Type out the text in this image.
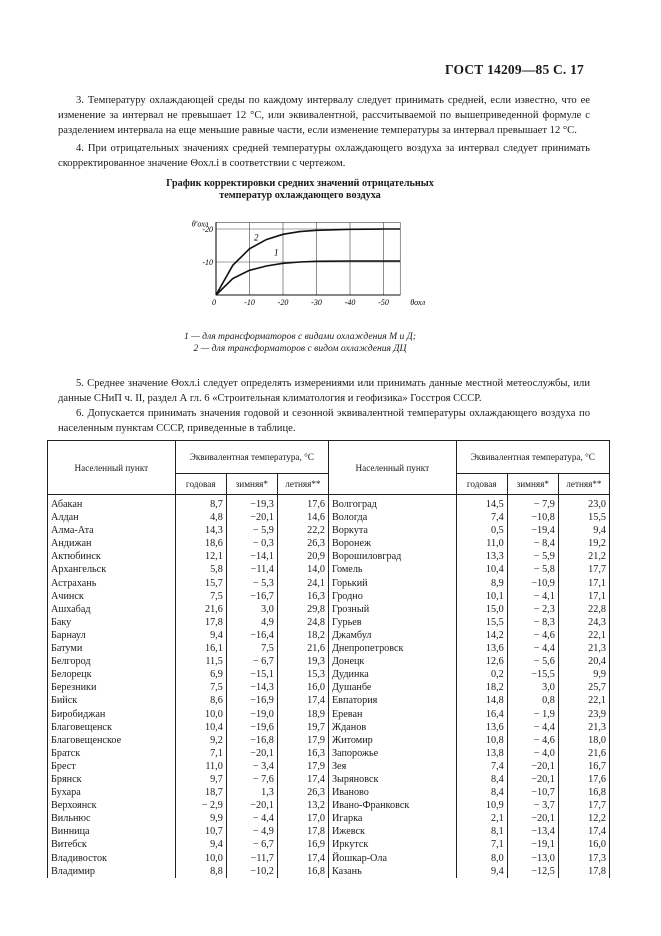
ГОСТ 14209—85 С. 17

3. Температуру охлаждающей среды по каждому интервалу следует принимать средней, если известно, что ее изменение за интервал не превышает 12 °С, или эквивалентной, рассчитываемой по вышеприведенной формуле с разделением интервала на еще меньшие равные части, если изменение температуры за интервал превышает 12 °С.

4. При отрицательных значениях средней температуры охлаждающего воздуха за интервал следует принимать скорректированное значение Θохл.i в соответствии с чертежом.

График корректировки средних значений отрицательных
температур охлаждающего воздуха
0	-10	-20	-30	-40	-50
-10
-20
θ'охл
θохл
1
2
1 — для трансформаторов с видами охлаждения М и Д;
2 — для трансформаторов с видом охлаждения ДЦ

5. Среднее значение Θохл.i следует определять измерениями или принимать данные местной метеослужбы, или данные СНиП ч. II, раздел А гл. 6 «Строительная климатология и геофизика» Госстроя СССР.

6. Допускается принимать значения годовой и сезонной эквивалентной температуры охлаждающего воздуха по населенным пунктам СССР, приведенные в таблице.

Населенный пункт	Эквивалентная температура, °С			Населенный пункт	Эквивалентная температура, °С		
	годовая	зимняя*	летняя**		годовая	зимняя*	летняя**
Абакан	8,7	−19,3	17,6	Волгоград	14,5	− 7,9	23,0
Алдан	4,8	−20,1	14,6	Вологда	7,4	−10,8	15,5
Алма-Ата	14,3	− 5,9	22,2	Воркута	0,5	−19,4	9,4
Андижан	18,6	− 0,3	26,3	Воронеж	11,0	− 8,4	19,2
Актюбинск	12,1	−14,1	20,9	Ворошиловград	13,3	− 5,9	21,2
Архангельск	5,8	−11,4	14,0	Гомель	10,4	− 5,8	17,7
Астрахань	15,7	− 5,3	24,1	Горький	8,9	−10,9	17,1
Ачинск	7,5	−16,7	16,3	Гродно	10,1	− 4,1	17,1
Ашхабад	21,6	3,0	29,8	Грозный	15,0	− 2,3	22,8
Баку	17,8	4,9	24,8	Гурьев	15,5	− 8,3	24,3
Барнаул	9,4	−16,4	18,2	Джамбул	14,2	− 4,6	22,1
Батуми	16,1	7,5	21,6	Днепропетровск	13,6	− 4,4	21,3
Белгород	11,5	− 6,7	19,3	Донецк	12,6	− 5,6	20,4
Белорецк	6,9	−15,1	15,3	Дудинка	0,2	−15,5	9,9
Березники	7,5	−14,3	16,0	Душанбе	18,2	3,0	25,7
Бийск	8,6	−16,9	17,4	Евпатория	14,8	0,8	22,1
Биробиджан	10,0	−19,0	18,9	Ереван	16,4	− 1,9	23,9
Благовещенск	10,4	−19,6	19,7	Жданов	13,6	− 4,4	21,3
Благовещенское	9,2	−16,8	17,9	Житомир	10,8	− 4,6	18,0
Братск	7,1	−20,1	16,3	Запорожье	13,8	− 4,0	21,6
Брест	11,0	− 3,4	17,9	Зея	7,4	−20,1	16,7
Брянск	9,7	− 7,6	17,4	Зыряновск	8,4	−20,1	17,6
Бухара	18,7	1,3	26,3	Иваново	8,4	−10,7	16,8
Верхоянск	− 2,9	−20,1	13,2	Ивано-Франковск	10,9	− 3,7	17,7
Вильнюс	9,9	− 4,4	17,0	Игарка	2,1	−20,1	12,2
Винница	10,7	− 4,9	17,8	Ижевск	8,1	−13,4	17,4
Витебск	9,4	− 6,7	16,9	Иркутск	7,1	−19,1	16,0
Владивосток	10,0	−11,7	17,4	Йошкар-Ола	8,0	−13,0	17,3
Владимир	8,8	−10,2	16,8	Казань	9,4	−12,5	17,8
